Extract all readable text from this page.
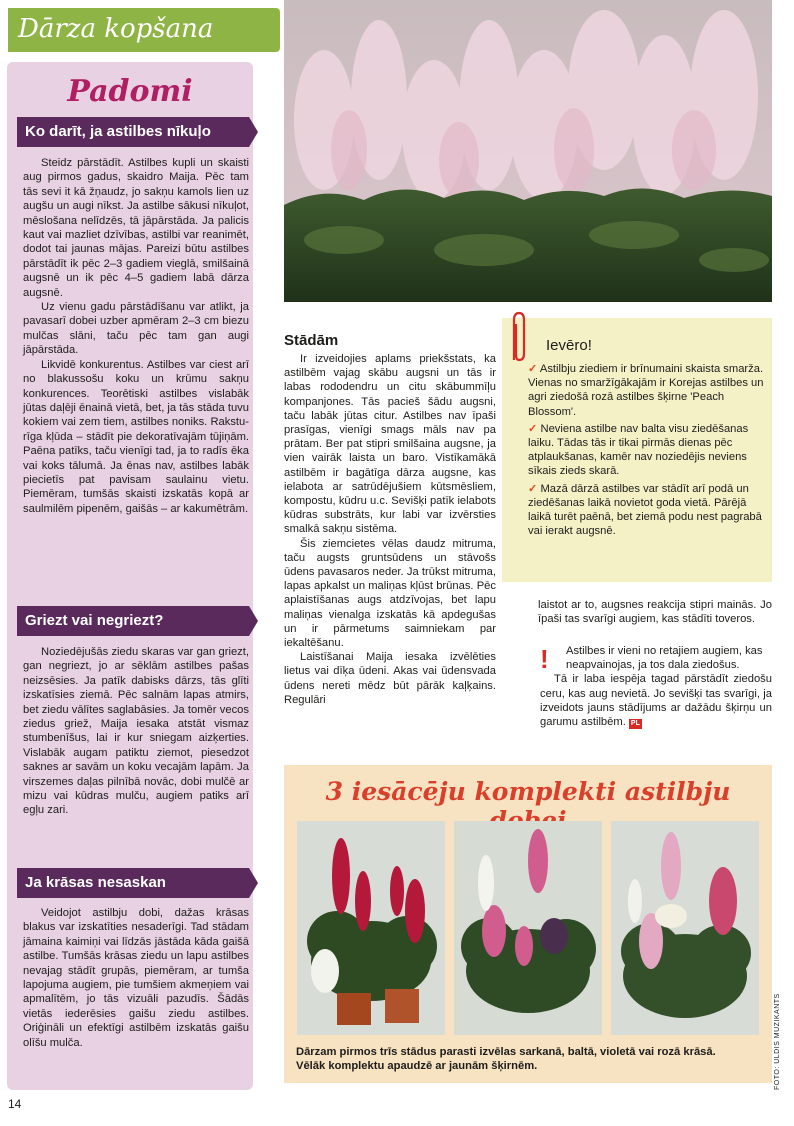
Dārza kopšana
Padomi
Ko darīt, ja astilbes nīkuļo

Steidz pārstādīt. Astilbes kupli un skaisti aug pirmos gadus, skaidro Maija. Pēc tam tās sevi it kā žņaudz, jo sakņu kamols lien uz augšu un augi nīkst. Ja astilbe sākusi nīkuļot, mēslošana nelīdzēs, tā jāpārstāda. Ja palicis kaut vai mazliet dzīvības, astilbi var reanimēt, dodot tai jaunas mājas. Pareizi būtu astilbes pārstādīt ik pēc 2–3 gadiem vieglā, smilšainā augsnē un ik pēc 4–5 gadiem labā dārza augsnē.

Uz vienu gadu pārstādīšanu var atlikt, ja pavasarī dobei uzber apmēram 2–3 cm biezu mulčas slāni, taču pēc tam gan augi jāpārstāda.

Likvidē konkurentus. Astilbes var ciest arī no blakussošu koku un krūmu sakņu konkurences. Teorētiski astilbes vislabāk jūtas daļēji ēnainā vietā, bet, ja tās stāda tuvu kokiem vai zem tiem, astilbes noniks. Raksturīga kļūda – stādīt pie dekoratīvajām tūjiņām. Paēna patīks, taču vienīgi tad, ja to radīs ēka vai koks tālumā. Ja ēnas nav, astilbes labāk piecietīs pat pavisam saulainu vietu. Piemēram, tumšās skaisti izskatās kopā ar saulmilēm pipenēm, gaišās – ar kakumētrām.

Griezt vai negriezt?

Noziedējušās ziedu skaras var gan griezt, gan negriezt, jo ar sēklām astilbes pašas neizsēsies. Ja patīk dabisks dārzs, tās glīti izskatīsies ziemā. Pēc salnām lapas atmirs, bet ziedu vālītes saglabāsies. Ja tomēr vecos ziedus griež, Maija iesaka atstāt vismaz stumbenīšus, lai ir kur sniegam aizķerties. Vislabāk augam patiktu ziemot, piesedzot saknes ar savām un koku vecajām lapām. Ja virszemes daļas pilnībā novāc, dobi mulčē ar mizu vai kūdras mulču, augiem patiks arī egļu zari.

Ja krāsas nesaskan

Veidojot astilbju dobi, dažas krāsas blakus var izskatīties nesaderīgi. Tad stādam jāmaina kaimiņi vai līdzās jāstāda kāda gaišā astilbe. Tumšās krāsas ziedu un lapu astilbes nevajag stādīt grupās, piemēram, ar tumša lapojuma augiem, pie tumšiem akmeņiem vai apmalītēm, jo tās vizuāli pazudīs. Šādās vietās iederēsies gaišu ziedu astilbes. Oriģināli un efektīgi astilbēm izskatās gaišu olīšu mulča.

Stādām

Ir izveidojies aplams priekšstats, ka astilbēm vajag skābu augsni un tās ir labas rododendru un citu skābummīļu kompanjones. Tās pacieš šādu augsni, taču labāk jūtas citur. Astilbes nav īpaši prasīgas, vienīgi smags māls nav pa prātam. Ber pat stipri smilšaina augsne, ja vien vairāk laista un baro. Vistīkamākā astilbēm ir bagātīga dārza augsne, kas ielabota ar satrūdējušiem kūtsmēsliem, kompostu, kūdru u.c. Sevišķi patīk ielabots kūdras substrāts, kur labi var izvērsties smalkā sakņu sistēma.

Šis ziemcietes vēlas daudz mitruma, taču augsts gruntsūdens un stāvošs ūdens pavasaros neder. Ja trūkst mitruma, lapas apkalst un maliņas kļūst brūnas. Pēc aplaistīšanas augs atdzīvojas, bet lapu maliņas vienalga izskatās kā apdegušas un ir pārmetums saimniekam par iekaltēšanu.

Laistīšanai Maija iesaka izvēlēties lietus vai dīķa ūdeni. Akas vai ūdensvada ūdens nereti mēdz būt pārāk kaļķains. Regulāri

Ievēro!

✓ Astilbju ziediem ir brīnumaini skaista smarža. Vienas no smaržīgākajām ir Korejas astilbes un agri ziedošā rozā astilbes šķirne 'Peach Blossom'.

✓ Neviena astilbe nav balta visu ziedēšanas laiku. Tādas tās ir tikai pirmās dienas pēc atplaukšanas, kamēr nav noziedējis neviens sīkais zieds skarā.

✓ Mazā dārzā astilbes var stādīt arī podā un ziedēšanas laikā novietot goda vietā. Pārējā laikā turēt paēnā, bet ziemā podu nest pagrabā vai ierakt augsnē.

laistot ar to, augsnes reakcija stipri mainās. Jo īpaši tas svarīgi augiem, kas stādīti toveros.

! Astilbes ir vieni no retajiem augiem, kas neapvainojas, ja tos dala ziedošus.

Tā ir laba iespēja tagad pārstādīt ziedošu ceru, kas aug nevietā. Jo sevišķi tas svarīgi, ja izveidots jauns stādījums ar dažādu šķirņu un garumu astilbēm. PL

3 iesācēju komplekti astilbju
Dārzam pirmos trīs stādus parasti izvēlas sarkanā, baltā, violetā vai rozā krāsā.
Vēlāk komplektu apaudzē ar jaunām šķirnēm.	FOTO: ULDIS MUZIKANTS
14
